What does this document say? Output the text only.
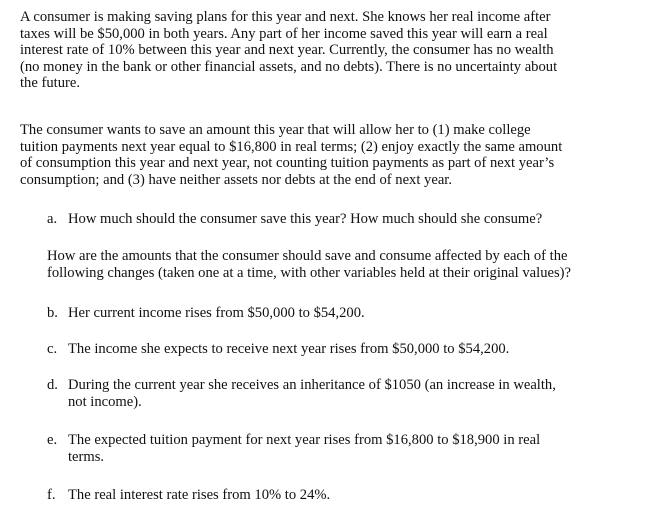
A consumer is making saving plans for this year and next. She knows her real income after
taxes will be $50,000 in both years. Any part of her income saved this year will earn a real
interest rate of 10% between this year and next year. Currently, the consumer has no wealth
(no money in the bank or other financial assets, and no debts). There is no uncertainty about
the future.

The consumer wants to save an amount this year that will allow her to (1) make college
tuition payments next year equal to $16,800 in real terms; (2) enjoy exactly the same amount
of consumption this year and next year, not counting tuition payments as part of next year’s
consumption; and (3) have neither assets nor debts at the end of next year.

a. How much should the consumer save this year? How much should she consume?
How are the amounts that the consumer should save and consume affected by each of the
following changes (taken one at a time, with other variables held at their original values)?
b. Her current income rises from $50,000 to $54,200.
c. The income she expects to receive next year rises from $50,000 to $54,200.
d. During the current year she receives an inheritance of $1050 (an increase in wealth,
not income).
e. The expected tuition payment for next year rises from $16,800 to $18,900 in real
terms.
f. The real interest rate rises from 10% to 24%.
